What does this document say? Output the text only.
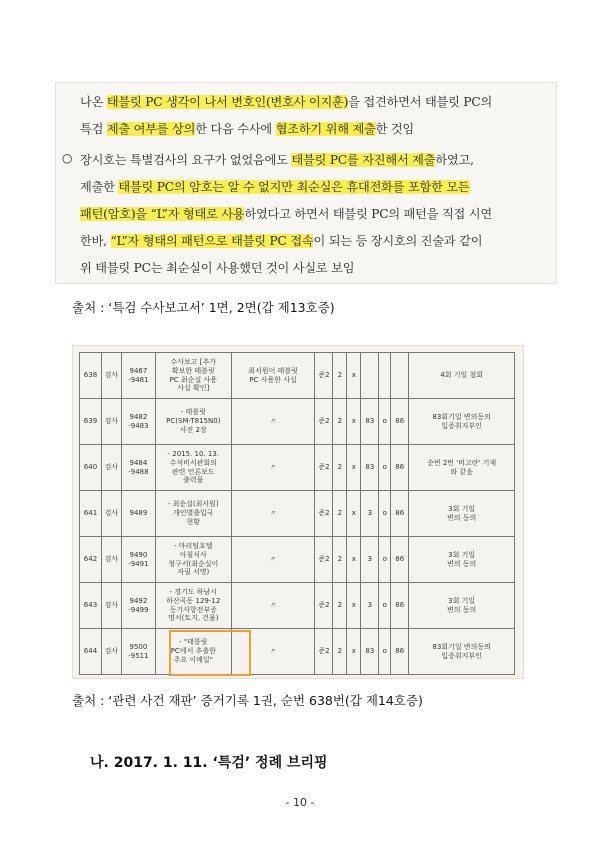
나온 태블릿 PC 생각이 나서 변호인(변호사 이지훈)을 접견하면서 태블릿 PC의
특검 제출 여부를 상의한 다음 수사에 협조하기 위해 제출한 것임
○ 장시호는 특별검사의 요구가 없었음에도 태블릿 PC를 자진해서 제출하였고,
제출한 태블릿 PC의 암호는 알 수 없지만 최순실은 휴대전화를 포함한 모든
패턴(암호)을 “L”자 형태로 사용하였다고 하면서 태블릿 PC의 패턴을 직접 시연
한바, “L”자 형태의 패턴으로 태블릿 PC 접속이 되는 등 장시호의 진술과 같이
위 태블릿 PC는 최순실이 사용했던 것이 사실로 보임
출처 : ‘특검 수사보고서’ 1면, 2면(갑 제13호증)
638	검사	9467
-9481	수사보고 [추가
확보한 태블릿
PC 최순실 사용
사실 확인]	최서원이 태블릿
PC 사용한 사실	준2	2	x				4회 기일 철회
639	검사	9482
-9483	- 태블릿
PC(SM-T815N0)
사진 2장	〃	준2	2	x	83	o	86	83회기일 변의동의
입증취지부인
640	검사	9484
-9488	- 2015. 10. 13.
수석비서관회의
관련 언론보도
출력물	〃	준2	2	x	83	o	86	순번 2번 '비고란' 기재
와 같음
641	검사	9489	- 최순실(최서원)
개인별출입국
현황	〃	준2	2	x	3	o	86	3회 기일
변의 동의
642	검사	9490
-9491	- 마리팀호텔
아침식사
청구서(최순실이
자필 서명)	〃	준2	2	x	3	o	86	3회 기일
변의 동의
643	검사	9492
-9499	- 경기도 하남시
하산곡동 129-12
등기사항전부증
명서(토지, 건물)	〃	준2	2	x	3	o	86	3회 기일
변의 동의
644	검사	9500
-9511	- "태블릿
PC에서 추출한
주요 이메일"	〃	준2	2	x	83	o	86	83회기일 변의동의
입증취지부인
출처 : ‘관련 사건 재판’ 증거기록 1권, 순번 638번(갑 제14호증)
나. 2017. 1. 11. ‘특검’ 정례 브리핑
- 10 -
